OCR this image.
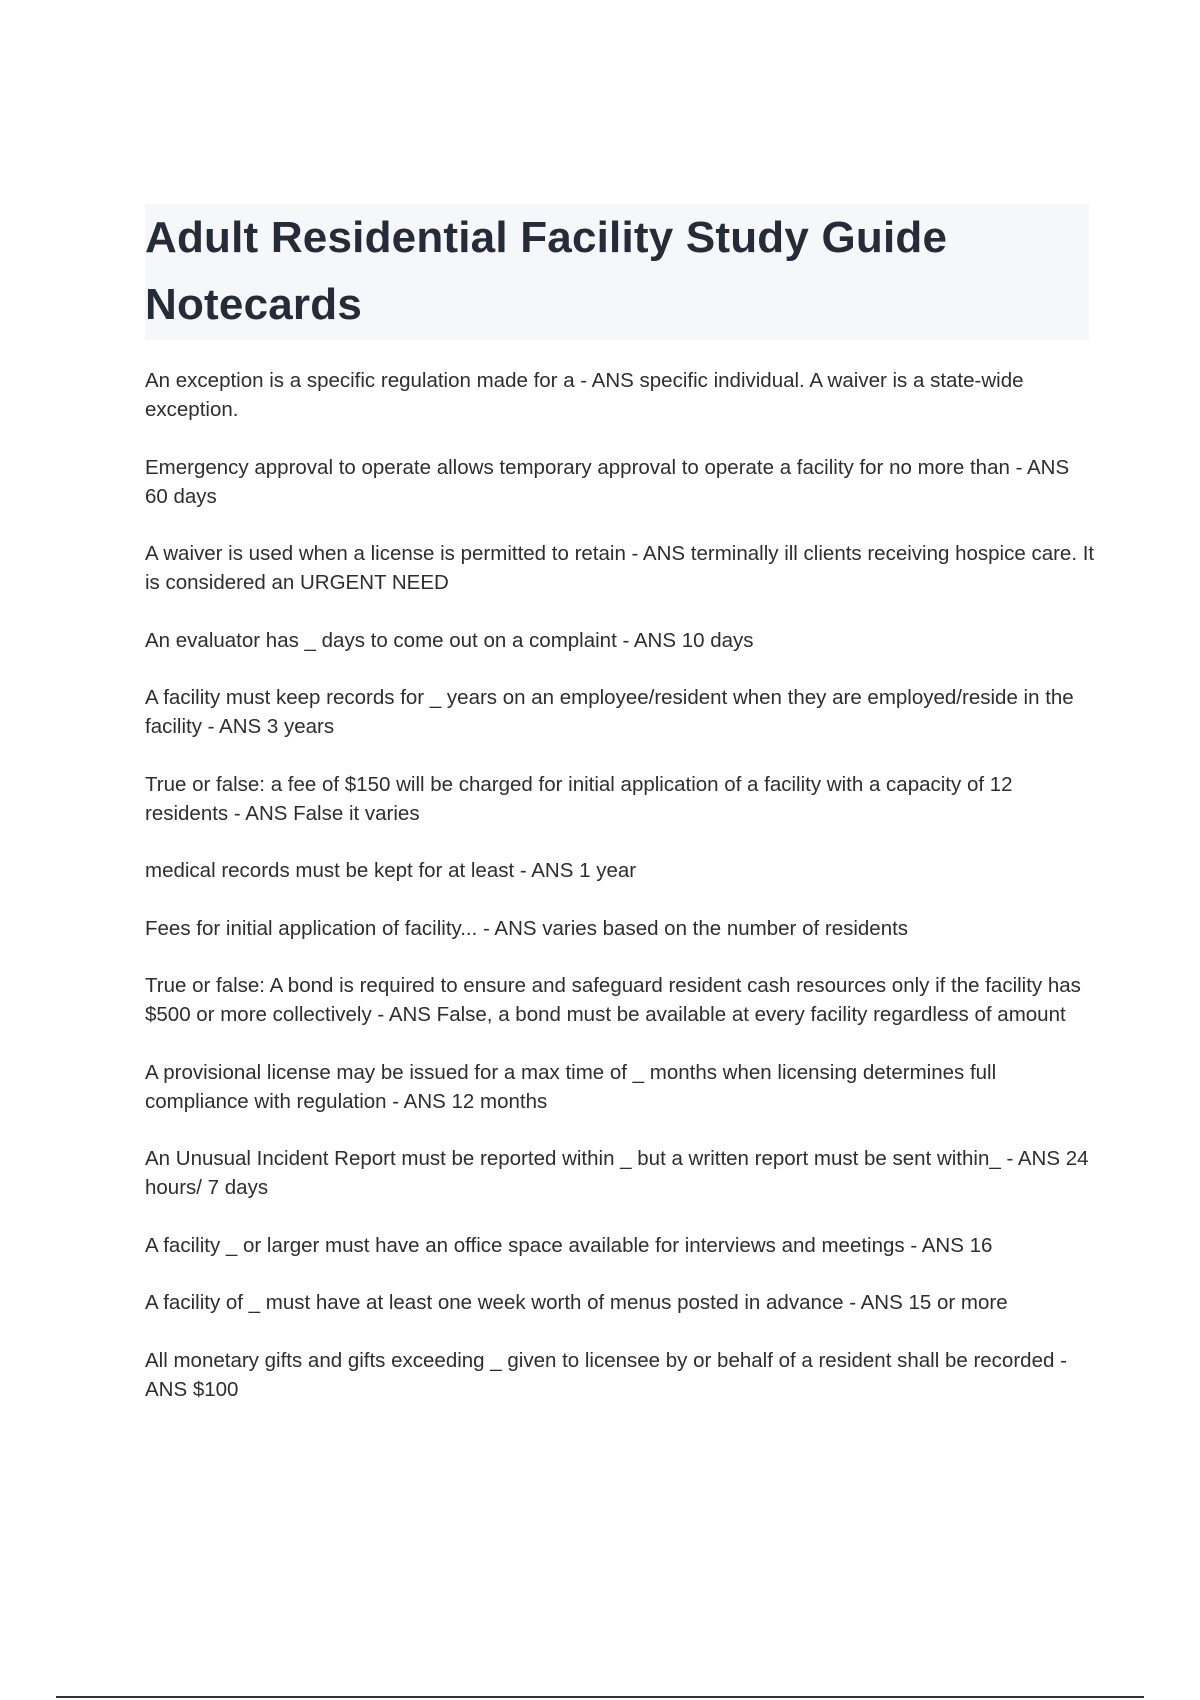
Adult Residential Facility Study Guide Notecards

An exception is a specific regulation made for a - ANS specific individual. A waiver is a state-wide exception.

Emergency approval to operate allows temporary approval to operate a facility for no more than - ANS 60 days

A waiver is used when a license is permitted to retain - ANS terminally ill clients receiving hospice care. It is considered an URGENT NEED

An evaluator has _ days to come out on a complaint - ANS 10 days

A facility must keep records for _ years on an employee/resident when they are employed/reside in the facility - ANS 3 years

True or false: a fee of $150 will be charged for initial application of a facility with a capacity of 12 residents - ANS False it varies

medical records must be kept for at least - ANS 1 year

Fees for initial application of facility... - ANS varies based on the number of residents

True or false: A bond is required to ensure and safeguard resident cash resources only if the facility has $500 or more collectively - ANS False, a bond must be available at every facility regardless of amount

A provisional license may be issued for a max time of _ months when licensing determines full compliance with regulation - ANS 12 months

An Unusual Incident Report must be reported within _ but a written report must be sent within_ - ANS 24 hours/ 7 days

A facility _ or larger must have an office space available for interviews and meetings - ANS 16

A facility of _ must have at least one week worth of menus posted in advance - ANS 15 or more

All monetary gifts and gifts exceeding _ given to licensee by or behalf of a resident shall be recorded - ANS $100
